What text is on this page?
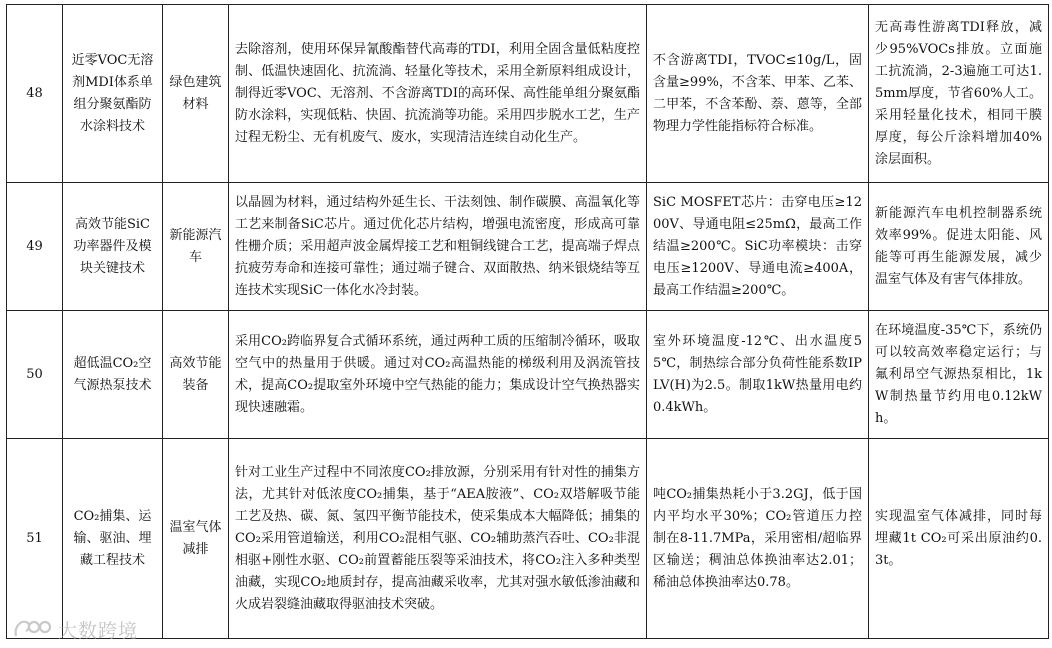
48	近零VOC无溶剂MDI体系单组分聚氨酯防水涂料技术	绿色建筑材料	去除溶剂，使用环保异氰酸酯替代高毒的TDI，利用全固含量低粘度控制、低温快速固化、抗流淌、轻量化等技术，采用全新原料组成设计，制得近零VOC、无溶剂、不含游离TDI的高环保、高性能单组分聚氨酯防水涂料，实现低粘、快固、抗流淌等功能。采用四步脱水工艺，生产过程无粉尘、无有机废气、废水，实现清洁连续自动化生产。	不含游离TDI，TVOC≤10g/L，固含量≥99%，不含苯、甲苯、乙苯、二甲苯，不含苯酚、萘、蒽等，全部物理力学性能指标符合标准。	无高毒性游离TDI释放，减少95%VOCs排放。立面施工抗流淌，2-3遍施工可达1.5mm厚度，节省60%人工。采用轻量化技术，相同干膜厚度，每公斤涂料增加40%涂层面积。
49	高效节能SiC功率器件及模块关键技术	新能源汽车	以晶圆为材料，通过结构外延生长、干法刻蚀、制作碳膜、高温氧化等工艺来制备SiC芯片。通过优化芯片结构，增强电流密度，形成高可靠性栅介质；采用超声波金属焊接工艺和粗铜线键合工艺，提高端子焊点抗疲劳寿命和连接可靠性；通过端子键合、双面散热、纳米银烧结等互连技术实现SiC一体化水冷封装。	SiC MOSFET芯片：击穿电压≥1200V、导通电阻≤25mΩ，最高工作结温≥200℃。SiC功率模块：击穿电压≥1200V、导通电流≥400A，最高工作结温≥200℃。	新能源汽车电机控制器系统效率99%。促进太阳能、风能等可再生能源发展，减少温室气体及有害气体排放。
50	超低温CO₂空气源热泵技术	高效节能装备	采用CO₂跨临界复合式循环系统，通过两种工质的压缩制冷循环，吸取空气中的热量用于供暖。通过对CO₂高温热能的梯级利用及涡流管技术，提高CO₂提取室外环境中空气热能的能力；集成设计空气换热器实现快速融霜。	室外环境温度-12℃、出水温度55℃，制热综合部分负荷性能系数IPLV(H)为2.5。制取1kW热量用电约0.4kWh。	在环境温度-35℃下，系统仍可以较高效率稳定运行；与氟利昂空气源热泵相比，1kW制热量节约用电0.12kWh。
51	CO₂捕集、运输、驱油、埋藏工程技术	温室气体减排	针对工业生产过程中不同浓度CO₂排放源，分别采用有针对性的捕集方法，尤其针对低浓度CO₂捕集，基于“AEA胺液”、CO₂双塔解吸节能工艺及热、碳、氮、氢四平衡节能技术，使采集成本大幅降低；捕集的CO₂采用管道输送，利用CO₂混相气驱、CO₂辅助蒸汽吞吐、CO₂非混相驱+刚性水驱、CO₂前置蓄能压裂等采油技术，将CO₂注入多种类型油藏，实现CO₂地质封存，提高油藏采收率，尤其对强水敏低渗油藏和火成岩裂缝油藏取得驱油技术突破。	吨CO₂捕集热耗小于3.2GJ，低于国内平均水平30%；CO₂管道压力控制在8-11.7MPa，采用密相/超临界区输送；稠油总体换油率达2.01；稀油总体换油率达0.78。	实现温室气体减排，同时每埋藏1t CO₂可采出原油约0.3t。
大数跨境
